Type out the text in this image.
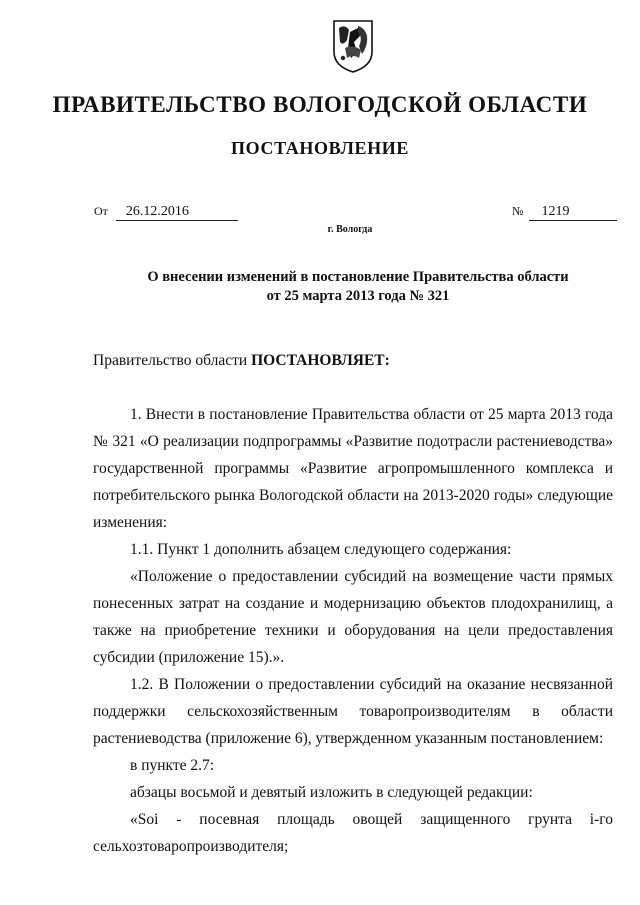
ПРАВИТЕЛЬСТВО ВОЛОГОДСКОЙ ОБЛАСТИ
ПОСТАНОВЛЕНИЕ
От 26.12.2016	№ 1219
г. Вологда
О внесении изменений в постановление Правительства области
от 25 марта 2013 года № 321
Правительство области ПОСТАНОВЛЯЕТ:

1. Внести в постановление Правительства области от 25 марта 2013 года № 321 «О реализации подпрограммы «Развитие подотрасли растениеводства» государственной программы «Развитие агропромышленного комплекса и потребительского рынка Вологодской области на 2013-2020 годы» следующие изменения:

1.1. Пункт 1 дополнить абзацем следующего содержания:

«Положение о предоставлении субсидий на возмещение части прямых понесенных затрат на создание и модернизацию объектов плодохранилищ, а также на приобретение техники и оборудования на цели предоставления субсидии (приложение 15).».

1.2. В Положении о предоставлении субсидий на оказание несвязанной поддержки сельскохозяйственным товаропроизводителям в области растениеводства (приложение 6), утвержденном указанным постановлением:

в пункте 2.7:

абзацы восьмой и девятый изложить в следующей редакции:

«Soi - посевная площадь овощей защищенного грунта i-го сельхозтоваропроизводителя;
